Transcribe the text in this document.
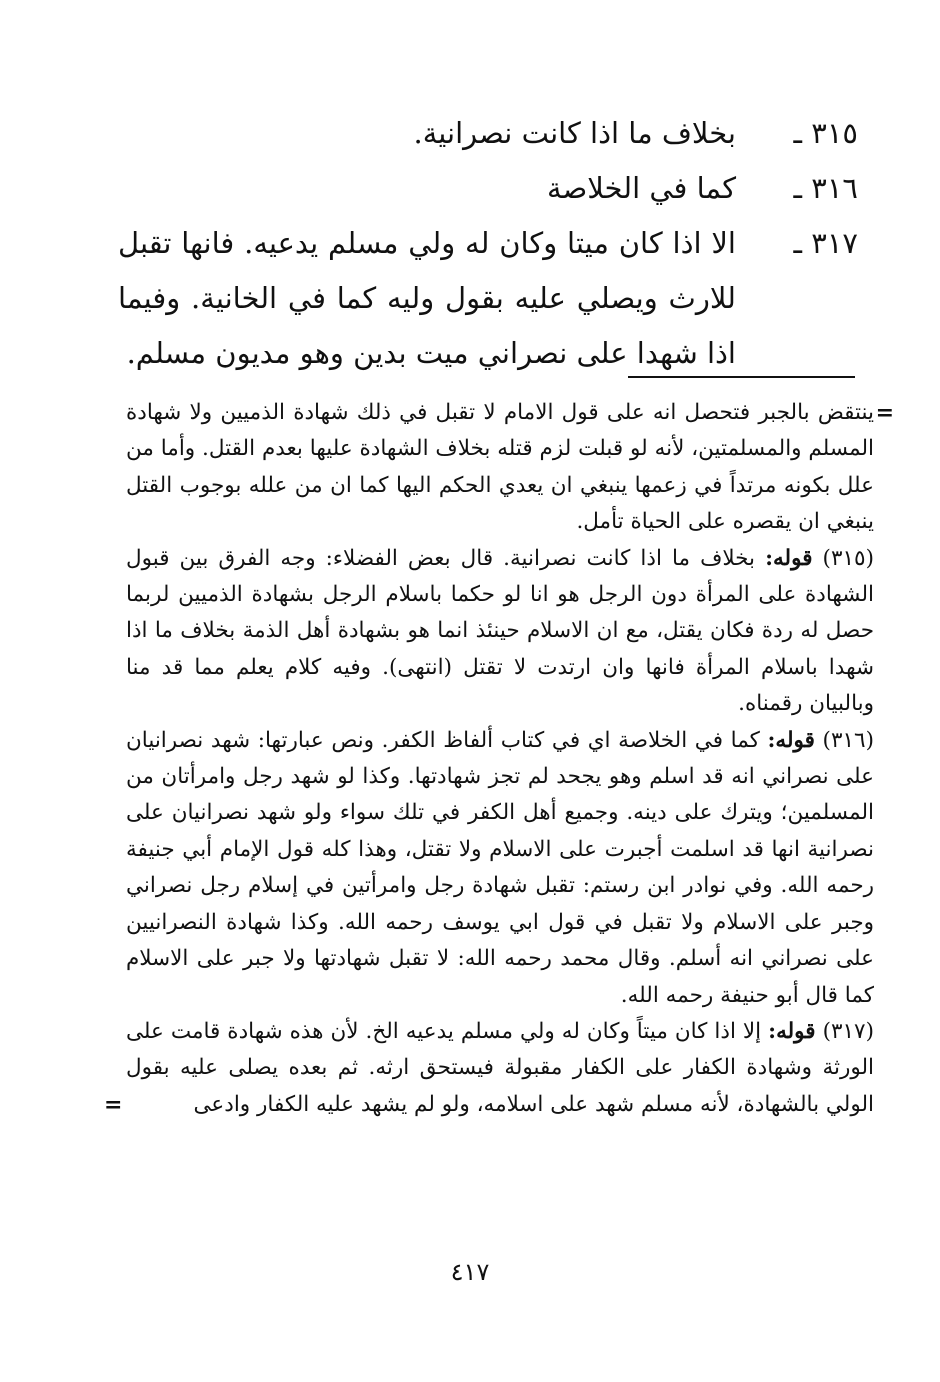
٣١٥ ـ
بخلاف ما اذا كانت نصرانية.
٣١٦ ـ
كما في الخلاصة
٣١٧ ـ
الا اذا كان ميتا وكان له ولي مسلم يدعيه. فانها تقبل للارث ويصلي عليه بقول وليه كما في الخانية. وفيما اذا شهدا على نصراني ميت بدين وهو مديون مسلم.

=
ينتقض بالجبر فتحصل انه على قول الامام لا تقبل في ذلك شهادة الذميين ولا شهادة المسلم والمسلمتين، لأنه لو قبلت لزم قتله بخلاف الشهادة عليها بعدم القتل. وأما من علل بكونه مرتداً في زعمها ينبغي ان يعدي الحكم اليها كما ان من علله بوجوب القتل ينبغي ان يقصره على الحياة تأمل.

(٣١٥) قوله: بخلاف ما اذا كانت نصرانية. قال بعض الفضلاء: وجه الفرق بين قبول الشهادة على المرأة دون الرجل هو انا لو حكما باسلام الرجل بشهادة الذميين لربما حصل له ردة فكان يقتل، مع ان الاسلام حينئذ انما هو بشهادة أهل الذمة بخلاف ما اذا شهدا باسلام المرأة فانها وان ارتدت لا تقتل (انتهى). وفيه كلام يعلم مما قد منا وبالبيان رقمناه.

(٣١٦) قوله: كما في الخلاصة اي في كتاب ألفاظ الكفر. ونص عبارتها: شهد نصرانيان على نصراني انه قد اسلم وهو يجحد لم تجز شهادتها. وكذا لو شهد رجل وامرأتان من المسلمين؛ ويترك على دينه. وجميع أهل الكفر في تلك سواء ولو شهد نصرانيان على نصرانية انها قد اسلمت أجبرت على الاسلام ولا تقتل، وهذا كله قول الإمام أبي جنيفة رحمه الله. وفي نوادر ابن رستم: تقبل شهادة رجل وامرأتين في إسلام رجل نصراني وجبر على الاسلام ولا تقبل في قول ابي يوسف رحمه الله. وكذا شهادة النصرانيين على نصراني انه أسلم. وقال محمد رحمه الله: لا تقبل شهادتها ولا جبر على الاسلام كما قال أبو حنيفة رحمه الله.

(٣١٧) قوله: إلا اذا كان ميتاً وكان له ولي مسلم يدعيه الخ. لأن هذه شهادة قامت على الورثة وشهادة الكفار على الكفار مقبولة فيستحق ارثه. ثم بعده يصلى عليه بقول الولي بالشهادة، لأنه مسلم شهد على اسلامه، ولو لم يشهد عليه الكفار وادعى
=

٤١٧
